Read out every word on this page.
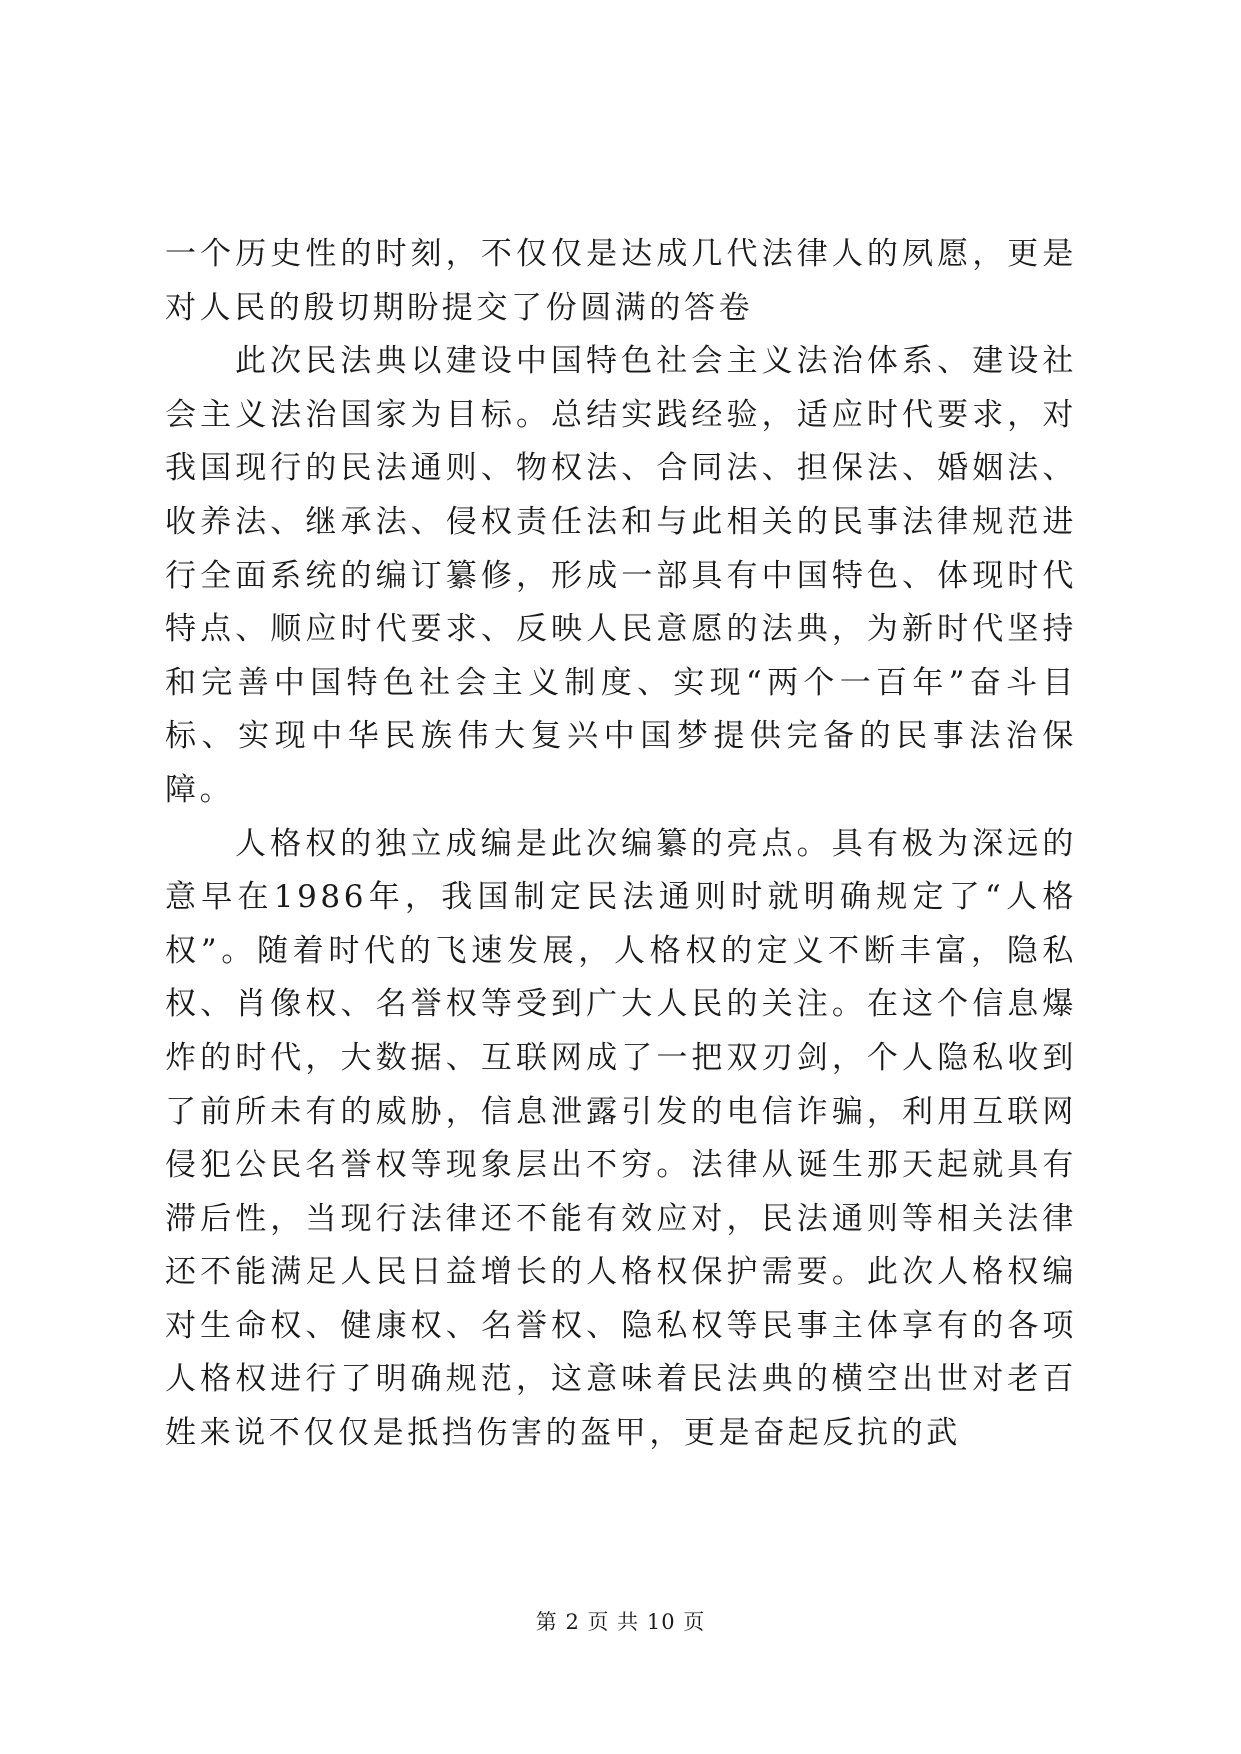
一个历史性的时刻，不仅仅是达成几代法律人的夙愿，更是对人民的殷切期盼提交了份圆满的答卷

此次民法典以建设中国特色社会主义法治体系、建设社会主义法治国家为目标。总结实践经验，适应时代要求，对我国现行的民法通则、物权法、合同法、担保法、婚姻法、收养法、继承法、侵权责任法和与此相关的民事法律规范进行全面系统的编订纂修，形成一部具有中国特色、体现时代特点、顺应时代要求、反映人民意愿的法典，为新时代坚持和完善中国特色社会主义制度、实现“两个一百年”奋斗目标、实现中华民族伟大复兴中国梦提供完备的民事法治保障。

人格权的独立成编是此次编纂的亮点。具有极为深远的意早在1986年，我国制定民法通则时就明确规定了“人格权”。随着时代的飞速发展，人格权的定义不断丰富，隐私权、肖像权、名誉权等受到广大人民的关注。在这个信息爆炸的时代，大数据、互联网成了一把双刃剑，个人隐私收到了前所未有的威胁，信息泄露引发的电信诈骗，利用互联网侵犯公民名誉权等现象层出不穷。法律从诞生那天起就具有滞后性，当现行法律还不能有效应对，民法通则等相关法律还不能满足人民日益增长的人格权保护需要。此次人格权编对生命权、健康权、名誉权、隐私权等民事主体享有的各项人格权进行了明确规范，这意味着民法典的横空出世对老百姓来说不仅仅是抵挡伤害的盔甲，更是奋起反抗的武

第 2 页 共 10 页
